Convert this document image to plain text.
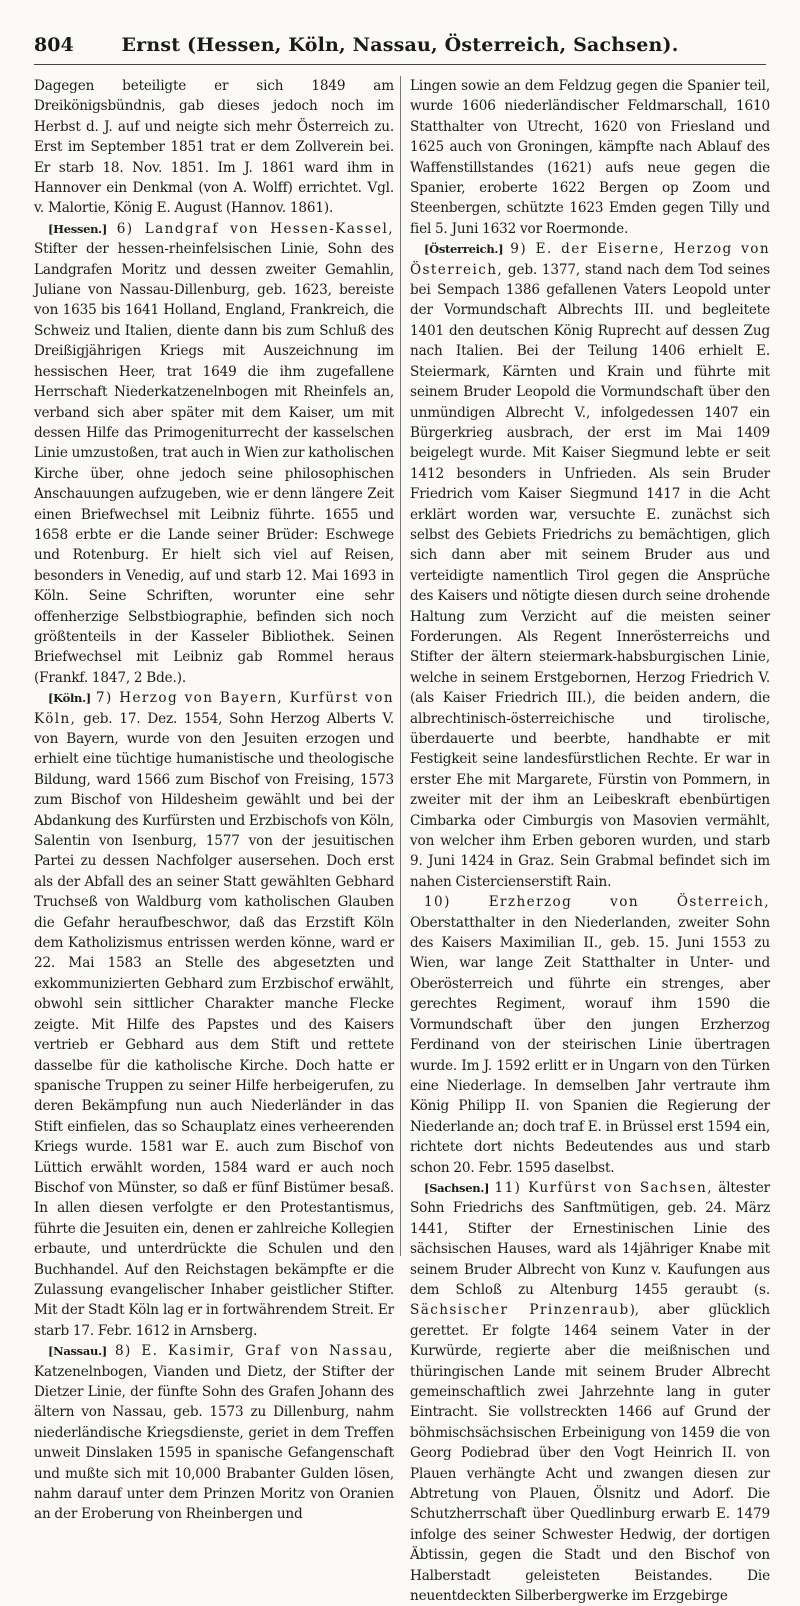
804	Ernst (Hessen, Köln, Nassau, Österreich, Sachsen).

Dagegen beteiligte er sich 1849 am Dreikönigsbündnis, gab dieses jedoch noch im Herbst d. J. auf und neigte sich mehr Österreich zu. Erst im September 1851 trat er dem Zollverein bei. Er starb 18. Nov. 1851. Im J. 1861 ward ihm in Hannover ein Denkmal (von A. Wolff) errichtet. Vgl. v. Malortie, König E. August (Hannov. 1861).

[Hessen.] 6) Landgraf von Hessen-Kassel, Stifter der hessen-rheinfelsischen Linie, Sohn des Landgrafen Moritz und dessen zweiter Gemahlin, Juliane von Nassau-Dillenburg, geb. 1623, bereiste von 1635 bis 1641 Holland, England, Frankreich, die Schweiz und Italien, diente dann bis zum Schluß des Dreißigjährigen Kriegs mit Auszeichnung im hessischen Heer, trat 1649 die ihm zugefallene Herrschaft Niederkatzenelnbogen mit Rheinfels an, verband sich aber später mit dem Kaiser, um mit dessen Hilfe das Primogeniturrecht der kasselschen Linie umzustoßen, trat auch in Wien zur katholischen Kirche über, ohne jedoch seine philosophischen Anschauungen aufzugeben, wie er denn längere Zeit einen Briefwechsel mit Leibniz führte. 1655 und 1658 erbte er die Lande seiner Brüder: Eschwege und Rotenburg. Er hielt sich viel auf Reisen, besonders in Venedig, auf und starb 12. Mai 1693 in Köln. Seine Schriften, worunter eine sehr offenherzige Selbstbiographie, befinden sich noch größtenteils in der Kasseler Bibliothek. Seinen Briefwechsel mit Leibniz gab Rommel heraus (Frankf. 1847, 2 Bde.).

[Köln.] 7) Herzog von Bayern, Kurfürst von Köln, geb. 17. Dez. 1554, Sohn Herzog Alberts V. von Bayern, wurde von den Jesuiten erzogen und erhielt eine tüchtige humanistische und theologische Bildung, ward 1566 zum Bischof von Freising, 1573 zum Bischof von Hildesheim gewählt und bei der Abdankung des Kurfürsten und Erzbischofs von Köln, Salentin von Isenburg, 1577 von der jesuitischen Partei zu dessen Nachfolger ausersehen. Doch erst als der Abfall des an seiner Statt gewählten Gebhard Truchseß von Waldburg vom katholischen Glauben die Gefahr heraufbeschwor, daß das Erzstift Köln dem Katholizismus entrissen werden könne, ward er 22. Mai 1583 an Stelle des abgesetzten und exkommunizierten Gebhard zum Erzbischof erwählt, obwohl sein sittlicher Charakter manche Flecke zeigte. Mit Hilfe des Papstes und des Kaisers vertrieb er Gebhard aus dem Stift und rettete dasselbe für die katholische Kirche. Doch hatte er spanische Truppen zu seiner Hilfe herbeigerufen, zu deren Bekämpfung nun auch Niederländer in das Stift einfielen, das so Schauplatz eines verheerenden Kriegs wurde. 1581 war E. auch zum Bischof von Lüttich erwählt worden, 1584 ward er auch noch Bischof von Münster, so daß er fünf Bistümer besaß. In allen diesen verfolgte er den Protestantismus, führte die Jesuiten ein, denen er zahlreiche Kollegien erbaute, und unterdrückte die Schulen und den Buchhandel. Auf den Reichstagen bekämpfte er die Zulassung evangelischer Inhaber geistlicher Stifter. Mit der Stadt Köln lag er in fortwährendem Streit. Er starb 17. Febr. 1612 in Arnsberg.

[Nassau.] 8) E. Kasimir, Graf von Nassau, Katzenelnbogen, Vianden und Dietz, der Stifter der Dietzer Linie, der fünfte Sohn des Grafen Johann des ältern von Nassau, geb. 1573 zu Dillenburg, nahm niederländische Kriegsdienste, geriet in dem Treffen unweit Dinslaken 1595 in spanische Gefangenschaft und mußte sich mit 10,000 Brabanter Gulden lösen, nahm darauf unter dem Prinzen Moritz von Oranien an der Eroberung von Rheinbergen und

Lingen sowie an dem Feldzug gegen die Spanier teil, wurde 1606 niederländischer Feldmarschall, 1610 Statthalter von Utrecht, 1620 von Friesland und 1625 auch von Groningen, kämpfte nach Ablauf des Waffenstillstandes (1621) aufs neue gegen die Spanier, eroberte 1622 Bergen op Zoom und Steenbergen, schützte 1623 Emden gegen Tilly und fiel 5. Juni 1632 vor Roermonde.

[Österreich.] 9) E. der Eiserne, Herzog von Österreich, geb. 1377, stand nach dem Tod seines bei Sempach 1386 gefallenen Vaters Leopold unter der Vormundschaft Albrechts III. und begleitete 1401 den deutschen König Ruprecht auf dessen Zug nach Italien. Bei der Teilung 1406 erhielt E. Steiermark, Kärnten und Krain und führte mit seinem Bruder Leopold die Vormundschaft über den unmündigen Albrecht V., infolgedessen 1407 ein Bürgerkrieg ausbrach, der erst im Mai 1409 beigelegt wurde. Mit Kaiser Siegmund lebte er seit 1412 besonders in Unfrieden. Als sein Bruder Friedrich vom Kaiser Siegmund 1417 in die Acht erklärt worden war, versuchte E. zunächst sich selbst des Gebiets Friedrichs zu bemächtigen, glich sich dann aber mit seinem Bruder aus und verteidigte namentlich Tirol gegen die Ansprüche des Kaisers und nötigte diesen durch seine drohende Haltung zum Verzicht auf die meisten seiner Forderungen. Als Regent Innerösterreichs und Stifter der ältern steiermark-habsburgischen Linie, welche in seinem Erstgebornen, Herzog Friedrich V. (als Kaiser Friedrich III.), die beiden andern, die albrechtinisch-österreichische und tirolische, überdauerte und beerbte, handhabte er mit Festigkeit seine landesfürstlichen Rechte. Er war in erster Ehe mit Margarete, Fürstin von Pommern, in zweiter mit der ihm an Leibeskraft ebenbürtigen Cimbarka oder Cimburgis von Masovien vermählt, von welcher ihm Erben geboren wurden, und starb 9. Juni 1424 in Graz. Sein Grabmal befindet sich im nahen Cistercienserstift Rain.

10) Erzherzog von Österreich, Oberstatthalter in den Niederlanden, zweiter Sohn des Kaisers Maximilian II., geb. 15. Juni 1553 zu Wien, war lange Zeit Statthalter in Unter- und Oberösterreich und führte ein strenges, aber gerechtes Regiment, worauf ihm 1590 die Vormundschaft über den jungen Erzherzog Ferdinand von der steirischen Linie übertragen wurde. Im J. 1592 erlitt er in Ungarn von den Türken eine Niederlage. In demselben Jahr vertraute ihm König Philipp II. von Spanien die Regierung der Niederlande an; doch traf E. in Brüssel erst 1594 ein, richtete dort nichts Bedeutendes aus und starb schon 20. Febr. 1595 daselbst.

[Sachsen.] 11) Kurfürst von Sachsen, ältester Sohn Friedrichs des Sanftmütigen, geb. 24. März 1441, Stifter der Ernestinischen Linie des sächsischen Hauses, ward als 14jähriger Knabe mit seinem Bruder Albrecht von Kunz v. Kaufungen aus dem Schloß zu Altenburg 1455 geraubt (s. Sächsischer Prinzenraub), aber glücklich gerettet. Er folgte 1464 seinem Vater in der Kurwürde, regierte aber die meißnischen und thüringischen Lande mit seinem Bruder Albrecht gemeinschaftlich zwei Jahrzehnte lang in guter Eintracht. Sie vollstreckten 1466 auf Grund der böhmischsächsischen Erbeinigung von 1459 die von Georg Podiebrad über den Vogt Heinrich II. von Plauen verhängte Acht und zwangen diesen zur Abtretung von Plauen, Ölsnitz und Adorf. Die Schutzherrschaft über Quedlinburg erwarb E. 1479 infolge des seiner Schwester Hedwig, der dortigen Äbtissin, gegen die Stadt und den Bischof von Halberstadt geleisteten Beistandes. Die neuentdeckten Silberbergwerke im Erzgebirge
